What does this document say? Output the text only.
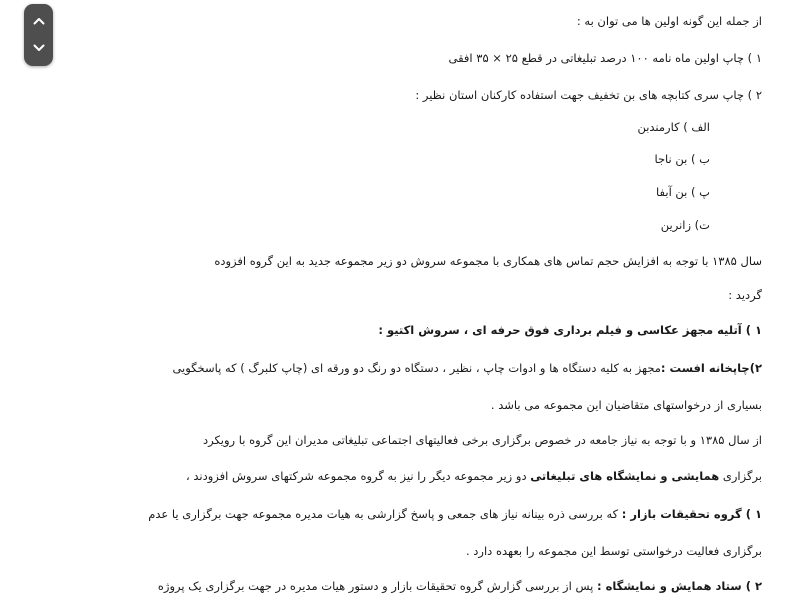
از جمله این گونه اولین ها می توان به :

۱ ) چاپ اولین ماه نامه ۱۰۰ درصد تبلیغاتی در قطع ۲۵ × ۳۵ افقی

۲ ) چاپ سری کتابچه های بن تخفیف جهت استفاده کارکنان استان نظیر :

الف ) کارمندبن

ب ) بن ناجا

پ ) بن آبفا

ت) زانرین

سال ۱۳۸۵ با توجه به افزایش حجم تماس های همکاری با مجموعه سروش دو زیر مجموعه جدید به این گروه افزوده

گردید :

۱ ) آتلیه مجهز عکاسی و فیلم برداری فوق حرفه ای ، سروش اکتیو :

۲)چاپخانه افست :مجهز به کلیه دستگاه ها و ادوات چاپ ، نظیر ، دستگاه دو رنگ دو ورقه ای (چاپ کلبرگ ) که پاسخگویی

بسیاری از درخواستهای متقاضیان این مجموعه می باشد .

از سال ۱۳۸۵ و با توجه به نیاز جامعه در خصوص برگزاری برخی فعالیتهای اجتماعی تبلیغاتی مدیران این گروه با رویکرد

برگزاری همایشی و نمایشگاه های تبلیغاتی دو زیر مجموعه دیگر را نیز به گروه مجموعه شرکتهای سروش افزودند ،

۱ ) گروه تحقیقات بازار : که بررسی ذره بینانه نیاز های جمعی و پاسخ گزارشی به هیات مدیره مجموعه جهت برگزاری یا عدم

برگزاری فعالیت درخواستی توسط این مجموعه را بعهده دارد .

۲ ) ستاد همایش و نمایشگاه : پس از بررسی گزارش گروه تحقیقات بازار و دستور هیات مدیره در جهت برگزاری یک پروژه
